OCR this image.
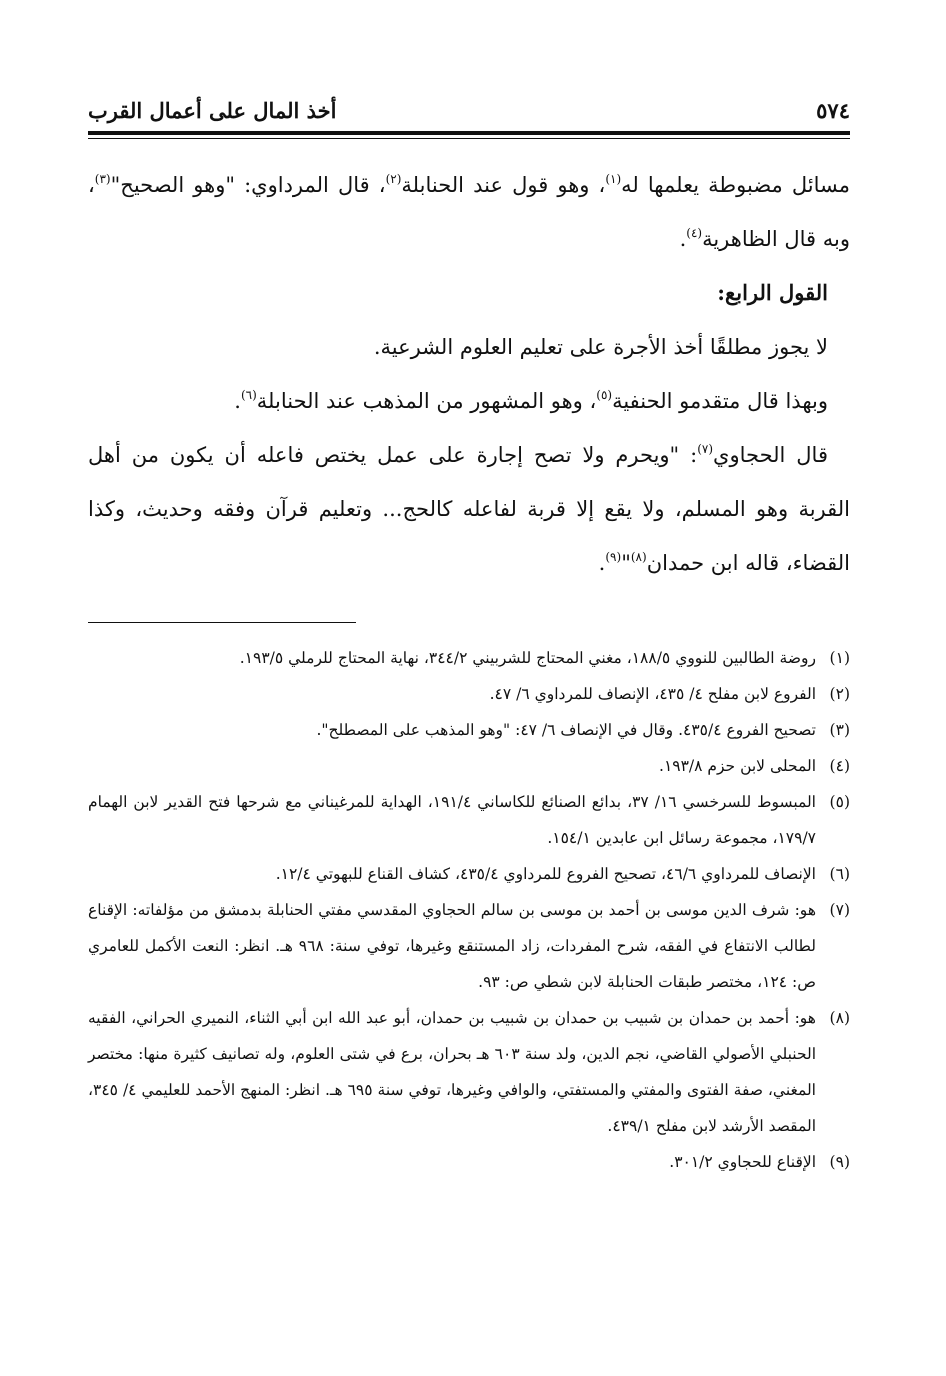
٥٧٤
أخذ المال على أعمال القرب

مسائل مضبوطة يعلمها له$^{(١)}$، وهو قول عند الحنابلة$^{(٢)}$، قال المرداوي: "وهو الصحيح"$^{(٣)}$، وبه قال الظاهرية$^{(٤)}$.

القول الرابع:

لا يجوز مطلقًا أخذ الأجرة على تعليم العلوم الشرعية.

وبهذا قال متقدمو الحنفية$^{(٥)}$، وهو المشهور من المذهب عند الحنابلة$^{(٦)}$.

قال الحجاوي$^{(٧)}$: "ويحرم ولا تصح إجارة على عمل يختص فاعله أن يكون من أهل القربة وهو المسلم، ولا يقع إلا قربة لفاعله كالحج... وتعليم قرآن وفقه وحديث، وكذا القضاء، قاله ابن حمدان$^{(٨)}$"$^{(٩)}$.

(١)
روضة الطالبين للنووي ١٨٨/٥، مغني المحتاج للشربيني ٣٤٤/٢، نهاية المحتاج للرملي ١٩٣/٥.
(٢)
الفروع لابن مفلح ٤/ ٤٣٥، الإنصاف للمرداوي ٦/ ٤٧.
(٣)
تصحيح الفروع ٤٣٥/٤. وقال في الإنصاف ٦/ ٤٧: "وهو المذهب على المصطلح".
(٤)
المحلى لابن حزم ١٩٣/٨.
(٥)
المبسوط للسرخسي ١٦/ ٣٧، بدائع الصنائع للكاساني ١٩١/٤، الهداية للمرغيناني مع شرحها فتح القدير لابن الهمام ١٧٩/٧، مجموعة رسائل ابن عابدين ١٥٤/١.
(٦)
الإنصاف للمرداوي ٤٦/٦، تصحيح الفروع للمرداوي ٤٣٥/٤، كشاف القناع للبهوتي ١٢/٤.
(٧)
هو: شرف الدين موسى بن أحمد بن موسى بن سالم الحجاوي المقدسي مفتي الحنابلة بدمشق من مؤلفاته: الإقناع لطالب الانتفاع في الفقه، شرح المفردات، زاد المستنقع وغيرها، توفي سنة: ٩٦٨ هـ. انظر: النعت الأكمل للعامري ص: ١٢٤، مختصر طبقات الحنابلة لابن شطي ص: ٩٣.
(٨)
هو: أحمد بن حمدان بن شبيب بن حمدان بن شبيب بن حمدان، أبو عبد الله ابن أبي الثناء، النميري الحراني، الفقيه الحنبلي الأصولي القاضي، نجم الدين، ولد سنة ٦٠٣ هـ بحران، برع في شتى العلوم، وله تصانيف كثيرة منها: مختصر المغني، صفة الفتوى والمفتي والمستفتي، والوافي وغيرها، توفي سنة ٦٩٥ هـ. انظر: المنهج الأحمد للعليمي ٤/ ٣٤٥، المقصد الأرشد لابن مفلح ٤٣٩/١.
(٩)
الإقناع للحجاوي ٣٠١/٢.
